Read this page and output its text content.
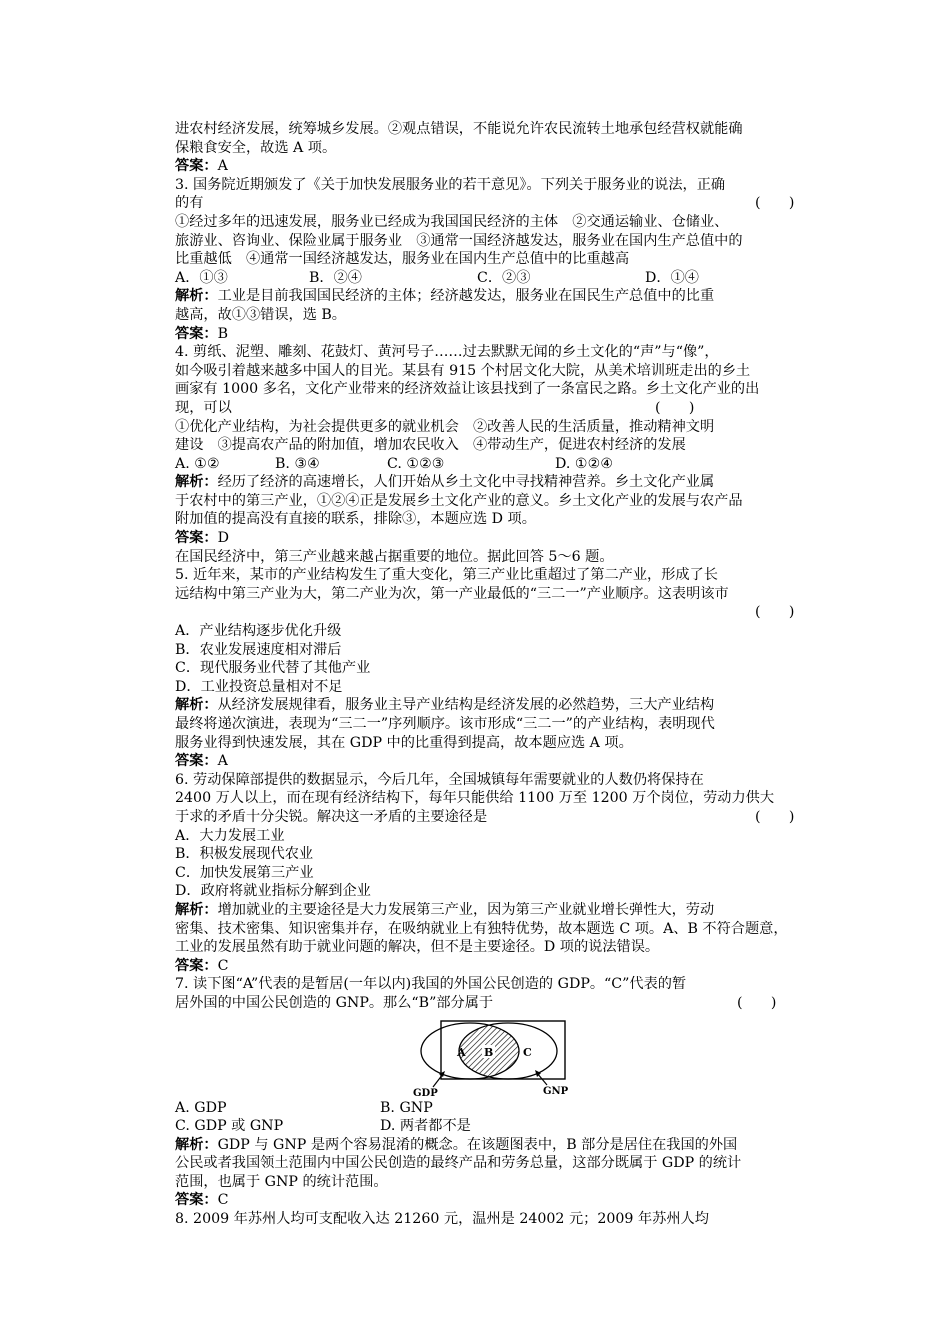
进农村经济发展，统筹城乡发展。②观点错误，不能说允许农民流转土地承包经营权就能确

保粮食安全，故选 A 项。

答案：A

3. 国务院近期颁发了《关于加快发展服务业的若干意见》。下列关于服务业的说法，正确

的有	(　　)

①经过多年的迅速发展，服务业已经成为我国国民经济的主体　②交通运输业、仓储业、

旅游业、咨询业、保险业属于服务业　③通常一国经济越发达，服务业在国内生产总值中的

比重越低　④通常一国经济越发达，服务业在国内生产总值中的比重越高

A．①③	B．②④	C．②③	D．①④

解析：工业是目前我国国民经济的主体；经济越发达，服务业在国民生产总值中的比重

越高，故①③错误，选 B。

答案：B

4. 剪纸、泥塑、雕刻、花鼓灯、黄河号子……过去默默无闻的乡土文化的“声”与“像”，

如今吸引着越来越多中国人的目光。某县有 915 个村居文化大院，从美术培训班走出的乡土

画家有 1000 多名，文化产业带来的经济效益让该县找到了一条富民之路。乡土文化产业的出

现，可以	(　　)

①优化产业结构，为社会提供更多的就业机会　②改善人民的生活质量，推动精神文明

建设　③提高农产品的附加值，增加农民收入　④带动生产，促进农村经济的发展

A. ①②	B. ③④	C. ①②③	D. ①②④

解析：经历了经济的高速增长，人们开始从乡土文化中寻找精神营养。乡土文化产业属

于农村中的第三产业，①②④正是发展乡土文化产业的意义。乡土文化产业的发展与农产品

附加值的提高没有直接的联系，排除③，本题应选 D 项。

答案：D

在国民经济中，第三产业越来越占据重要的地位。据此回答 5～6 题。

5. 近年来，某市的产业结构发生了重大变化，第三产业比重超过了第二产业，形成了长

远结构中第三产业为大，第二产业为次，第一产业最低的“三二一”产业顺序。这表明该市

(　　)

A．产业结构逐步优化升级

B．农业发展速度相对滞后

C．现代服务业代替了其他产业

D．工业投资总量相对不足

解析：从经济发展规律看，服务业主导产业结构是经济发展的必然趋势，三大产业结构

最终将递次演进，表现为“三二一”序列顺序。该市形成“三二一”的产业结构，表明现代

服务业得到快速发展，其在 GDP 中的比重得到提高，故本题应选 A 项。

答案：A

6. 劳动保障部提供的数据显示，今后几年，全国城镇每年需要就业的人数仍将保持在

2400 万人以上，而在现有经济结构下，每年只能供给 1100 万至 1200 万个岗位，劳动力供大

于求的矛盾十分尖锐。解决这一矛盾的主要途径是	(　　)

A．大力发展工业

B．积极发展现代农业

C．加快发展第三产业

D．政府将就业指标分解到企业

解析：增加就业的主要途径是大力发展第三产业，因为第三产业就业增长弹性大，劳动

密集、技术密集、知识密集并存，在吸纳就业上有独特优势，故本题选 C 项。A、B 不符合题意，

工业的发展虽然有助于就业问题的解决，但不是主要途径。D 项的说法错误。

答案：C

7. 读下图“A”代表的是暂居(一年以内)我国的外国公民创造的 GDP。“C”代表的暂

居外国的中国公民创造的 GNP。那么“B”部分属于	(　　)

A B	C
GDP	GNP

A. GDP	B. GNP

C. GDP 或 GNP	D. 两者都不是

解析：GDP 与 GNP 是两个容易混淆的概念。在该题图表中，B 部分是居住在我国的外国

公民或者我国领土范围内中国公民创造的最终产品和劳务总量，这部分既属于 GDP 的统计

范围，也属于 GNP 的统计范围。

答案：C

8. 2009 年苏州人均可支配收入达 21260 元，温州是 24002 元；2009 年苏州人均
